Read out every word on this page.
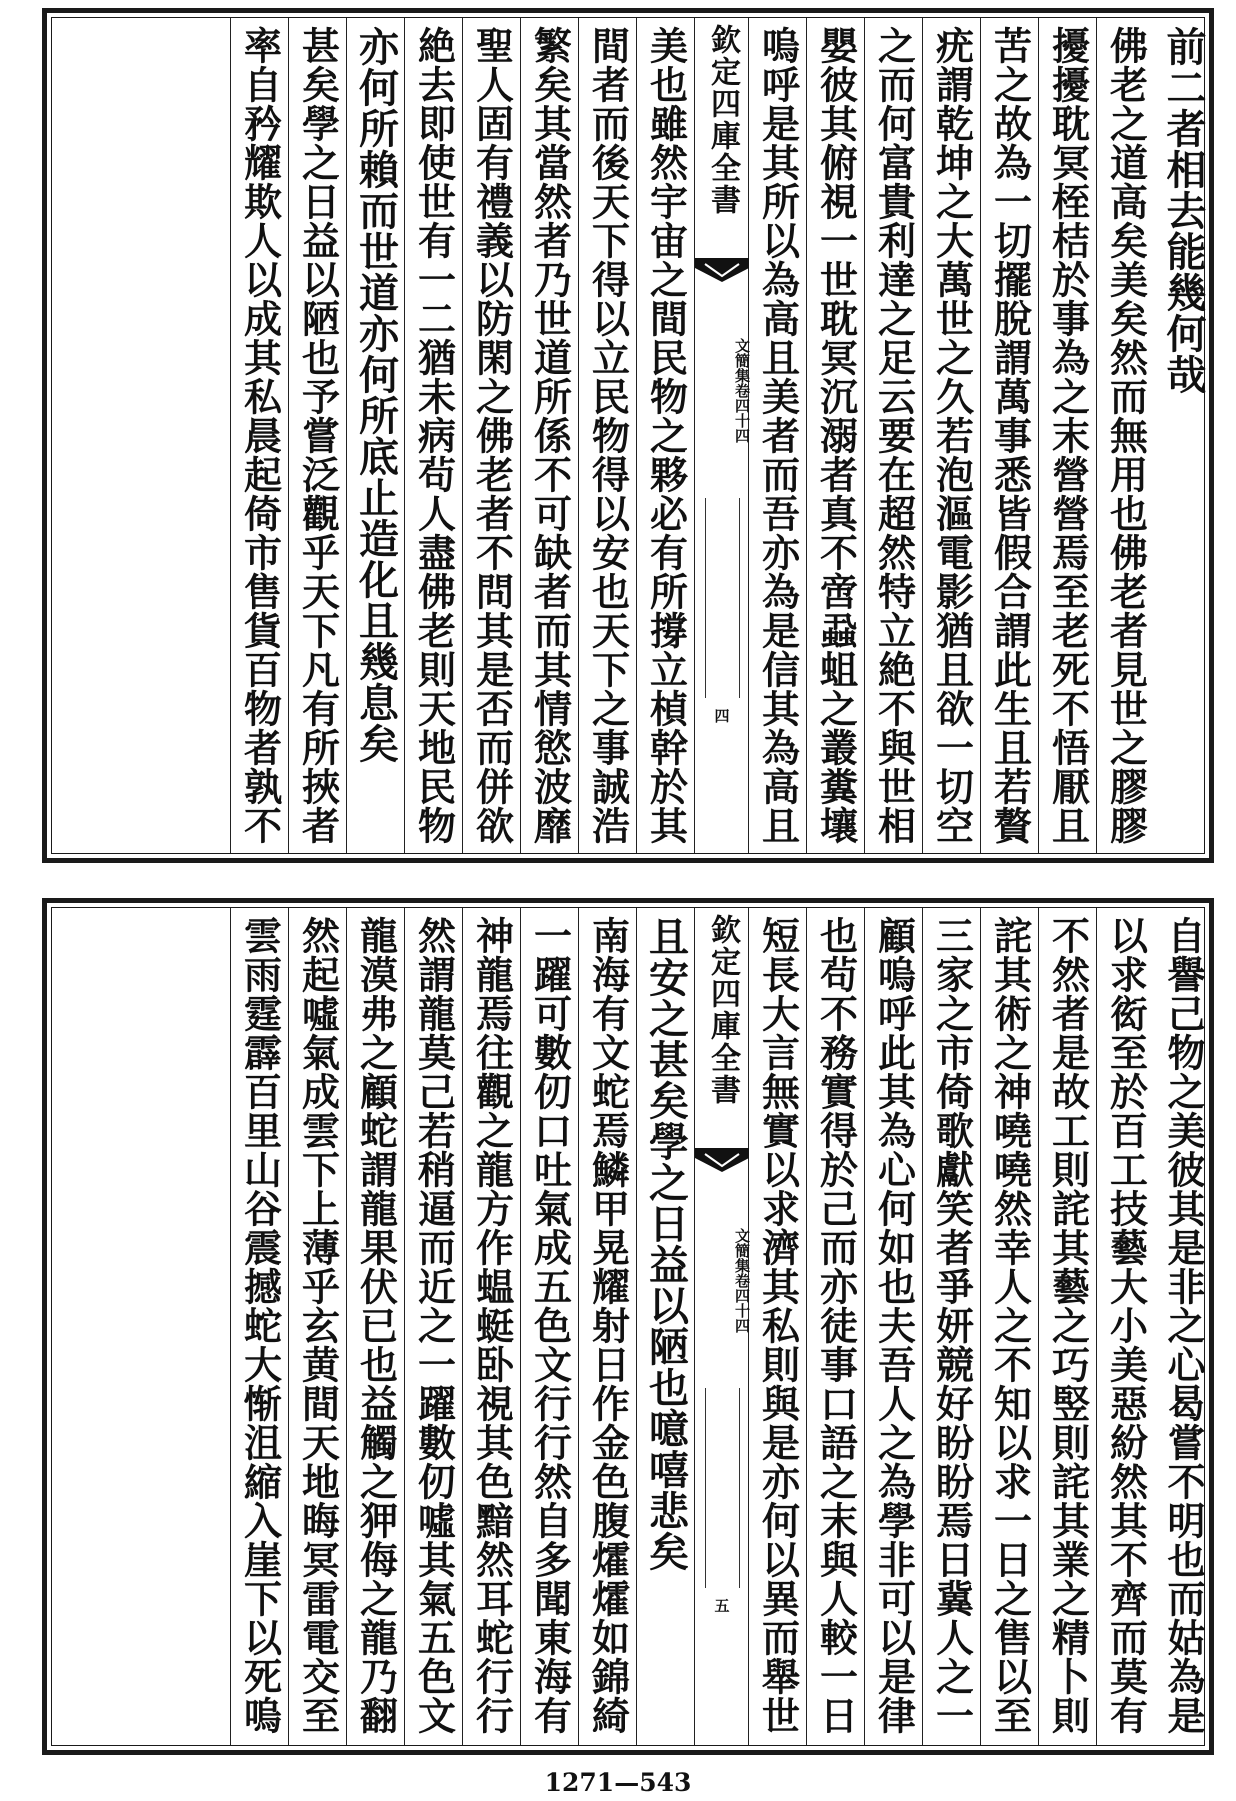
前二者相去能幾何哉
佛老之道高矣美矣然而無用也佛老者見世之膠膠
擾擾耽冥桎桔於事為之末營營焉至老死不悟厭且
苦之故為一切擺脫謂萬事悉皆假合謂此生且若贅
疣謂乾坤之大萬世之久若泡漚電影猶且欲一切空
之而何富貴利達之足云要在超然特立絶不與世相
嬰彼其俯視一世耽冥沉溺者真不啻蝨蛆之叢糞壤
嗚呼是其所以為高且美者而吾亦為是信其為高且
欽定四庫全書
文簡集
卷四十四
四
美也雖然宇宙之間民物之夥必有所撐立楨幹於其
間者而後天下得以立民物得以安也天下之事誠浩
繁矣其當然者乃世道所係不可缺者而其情慾波靡
聖人固有禮義以防閑之佛老者不問其是否而併欲
絶去即使世有一二猶未病茍人盡佛老則天地民物
亦何所賴而世道亦何所底止造化且幾息矣
甚矣學之日益以陋也予嘗泛觀乎天下凡有所挾者
率自矜耀欺人以成其私晨起倚市售貨百物者孰不
自譽己物之美彼其是非之心曷嘗不明也而姑為是
以求衒至於百工技藝大小美惡紛然其不齊而莫有
不然者是故工則詫其藝之巧竪則詫其業之精卜則
詫其術之神嘵嘵然幸人之不知以求一日之售以至
三家之市倚歌獻笑者爭妍競好盼盼焉日冀人之一
顧嗚呼此其為心何如也夫吾人之為學非可以是律
也茍不務實得於己而亦徒事口語之末與人較一日
短長大言無實以求濟其私則與是亦何以異而舉世
欽定四庫全書
文簡集
卷四十四
五
且安之甚矣學之日益以陋也噫嘻悲矣
南海有文蛇焉鱗甲晃耀射日作金色腹㸌㸌如錦綺
一躍可數仞口吐氣成五色文行行然自多聞東海有
神龍焉往觀之龍方作蝹蜓卧視其色黯然耳蛇行行
然謂龍莫己若稍逼而近之一躍數仞噓其氣五色文
龍漠弗之顧蛇謂龍果伏已也益觸之狎侮之龍乃翻
然起噓氣成雲下上薄乎玄黄間天地晦冥雷電交至
雲雨霆霹百里山谷震撼蛇大惭沮縮入崖下以死嗚
1271—543
